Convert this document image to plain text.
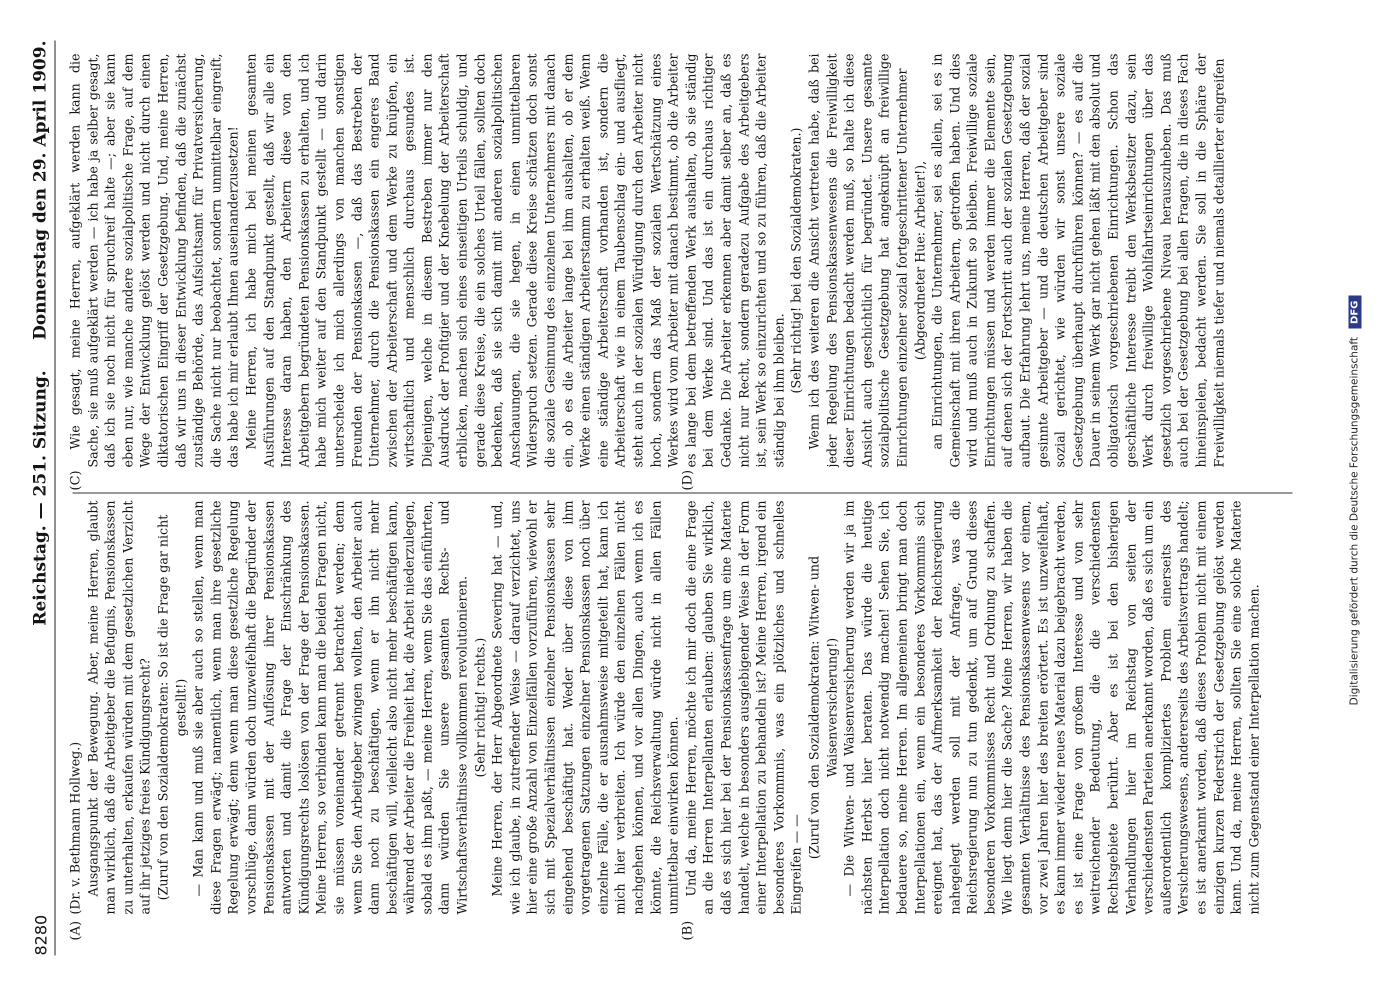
8280
Reichstag. — 251. Sitzung.
Donnerstag den 29. April 1909.
(A)	(B)
(C)	(D)

(Dr. v. Bethmann Hollweg.) Ausgangspunkt der Bewegung. Aber, meine Herren, glaubt man wirklich, daß die Arbeitgeber die Befugnis, Pensionskassen zu unterhalten, erkaufen würden mit dem gesetzlichen Verzicht auf ihr jetziges freies Kündigungsrecht? (Zuruf von den Sozialdemokraten: So ist die Frage gar nicht gestellt!) — Man kann und muß sie aber auch so stellen, wenn man diese Fragen erwägt; namentlich, wenn man ihre gesetzliche Regelung erwägt; denn wenn man diese gesetzliche Regelung vorschlüge, dann würden doch unzweifelhaft die Begründer der Pensionskassen mit der Auflösung ihrer Pensionskassen antworten und damit die Frage der Einschränkung des Kündigungsrechts loslösen von der Frage der Pensionskassen. Meine Herren, so verbinden kann man die beiden Fragen nicht, sie müssen voneinander getrennt betrachtet werden; denn wenn Sie den Arbeitgeber zwingen wollten, den Arbeiter auch dann noch zu beschäftigen, wenn er ihn nicht mehr beschäftigen will, vielleicht also nicht mehr beschäftigen kann, während der Arbeiter die Freiheit hat, die Arbeit niederzulegen, sobald es ihm paßt, — meine Herren, wenn Sie das einführten, dann würden Sie unsere gesamten Rechts- und Wirtschaftsverhältnisse vollkommen revolutionieren. (Sehr richtig! rechts.) Meine Herren, der Herr Abgeordnete Severing hat — und, wie ich glaube, in zutreffender Weise — darauf verzichtet, uns hier eine große Anzahl von Einzelfällen vorzuführen, wiewohl er sich mit Spezialverhältnissen einzelner Pensionskassen sehr eingehend beschäftigt hat. Weder über diese von ihm vorgetragenen Satzungen einzelner Pensionskassen noch über einzelne Fälle, die er ausnahmsweise mitgeteilt hat, kann ich mich hier verbreiten. Ich würde den einzelnen Fällen nicht nachgehen können, und vor allen Dingen, auch wenn ich es könnte, die Reichsverwaltung würde nicht in allen Fällen unmittelbar einwirken können. Und da, meine Herren, möchte ich mir doch die eine Frage an die Herren Interpellanten erlauben: glauben Sie wirklich, daß es sich hier bei der Pensionskassenfrage um eine Materie handelt, welche in besonders ausgiebigender Weise in der Form einer Interpellation zu behandeln ist? Meine Herren, irgend ein besonderes Vorkommnis, was ein plötzliches und schnelles Eingreifen — —

(Zuruf von den Sozialdemokraten: Witwen- und Waisenversicherung!) — Die Witwen- und Waisenversicherung werden wir ja im nächsten Herbst hier beraten. Das würde die heutige Interpellation doch nicht notwendig machen! Sehen Sie, ich bedauere so, meine Herren. Im allgemeinen bringt man doch Interpellationen ein, wenn ein besonderes Vorkommnis sich ereignet hat, das der Aufmerksamkeit der Reichsregierung nahegelegt werden soll mit der Anfrage, was die Reichsregierung nun zu tun gedenkt, um auf Grund dieses besonderen Vorkommnisses Recht und Ordnung zu schaffen. Wie liegt denn hier die Sache? Meine Herren, wir haben die gesamten Verhältnisse des Pensionskassenwesens vor einem, vor zwei Jahren hier des breiten erörtert. Es ist unzweifelhaft, es kann immer wieder neues Material dazu beigebracht werden, es ist eine Frage von großem Interesse und von sehr weitreichender Bedeutung, die die verschiedensten Rechtsgebiete berührt. Aber es ist bei den bisherigen Verhandlungen hier im Reichstag von seiten der verschiedensten Parteien anerkannt worden, daß es sich um ein außerordentlich kompliziertes Problem einerseits des Versicherungswesens, andererseits des Arbeitsvertrags handelt; es ist anerkannt worden, daß dieses Problem nicht mit einem einzigen kurzen Federstrich der Gesetzgebung gelöst werden kann. Und da, meine Herren, sollten Sie eine solche Materie nicht zum Gegenstand einer Interpellation machen.

Wie gesagt, meine Herren, aufgeklärt werden kann die Sache, sie muß aufgeklärt werden — ich habe ja selber gesagt, daß ich sie noch nicht für spruchreif halte —; aber sie kann eben nur, wie manche andere sozialpolitische Frage, auf dem Wege der Entwicklung gelöst werden und nicht durch einen diktatorischen Eingriff der Gesetzgebung. Und, meine Herren, daß wir uns in dieser Entwicklung befinden, daß die zunächst zuständige Behörde, das Aufsichtsamt für Privatversicherung, die Sache nicht nur beobachtet, sondern unmittelbar eingreift, das habe ich mir erlaubt Ihnen auseinanderzusetzen! Meine Herren, ich habe mich bei meinen gesamten Ausführungen auf den Standpunkt gestellt, daß wir alle ein Interesse daran haben, den Arbeitern diese von den Arbeitgebern begründeten Pensionskassen zu erhalten, und ich habe mich weiter auf den Standpunkt gestellt — und darin unterscheide ich mich allerdings von manchen sonstigen Freunden der Pensionskassen —, daß das Bestreben der Unternehmer, durch die Pensionskassen ein engeres Band zwischen der Arbeiterschaft und dem Werke zu knüpfen, ein wirtschaftlich und menschlich durchaus gesundes ist. Diejenigen, welche in diesem Bestreben immer nur den Ausdruck der Profitgier und der Knebelung der Arbeiterschaft erblicken, machen sich eines einseitigen Urteils schuldig, und gerade diese Kreise, die ein solches Urteil fällen, sollten doch bedenken, daß sie sich damit mit anderen sozialpolitischen Anschauungen, die sie hegen, in einen unmittelbaren Widerspruch setzen. Gerade diese Kreise schätzen doch sonst die soziale Gesinnung des einzelnen Unternehmers mit danach ein, ob es die Arbeiter lange bei ihm aushalten, ob er dem Werke einen ständigen Arbeiterstamm zu erhalten weiß. Wenn eine ständige Arbeiterschaft vorhanden ist, sondern die Arbeiterschaft wie in einem Taubenschlag ein- und ausfliegt, steht auch in der sozialen Würdigung durch den Arbeiter nicht hoch, sondern das Maß der sozialen Wertschätzung eines Werkes wird vom Arbeiter mit danach bestimmt, ob die Arbeiter es lange bei dem betreffenden Werk aushalten, ob sie ständig bei dem Werke sind. Und das ist ein durchaus richtiger Gedanke. Die Arbeiter erkennen aber damit selber an, daß es nicht nur Recht, sondern geradezu Aufgabe des Arbeitgebers ist, sein Werk so einzurichten und so zu führen, daß die Arbeiter ständig bei ihm bleiben. (Sehr richtig! bei den Sozialdemokraten.) Wenn ich des weiteren die Ansicht vertreten habe, daß bei jeder Regelung des Pensionskassenwesens die Freiwilligkeit dieser Einrichtungen bedacht werden muß, so halte ich diese Ansicht auch geschichtlich für begründet. Unsere gesamte sozialpolitische Gesetzgebung hat angeknüpft an freiwillige Einrichtungen einzelner sozial fortgeschrittener Unternehmer (Abgeordneter Hue: Arbeiter!), an Einrichtungen, die Unternehmer, sei es allein, sei es in Gemeinschaft mit ihren Arbeitern, getroffen haben. Und dies wird und muß auch in Zukunft so bleiben. Freiwillige soziale Einrichtungen müssen und werden immer die Elemente sein, auf denen sich der Fortschritt auch der sozialen Gesetzgebung aufbaut. Die Erfahrung lehrt uns, meine Herren, daß der sozial gesinnte Arbeitgeber — und die deutschen Arbeitgeber sind sozial gerichtet, wie würden wir sonst unsere soziale Gesetzgebung überhaupt durchführen können? — es auf die Dauer in seinem Werk gar nicht gehen läßt mit den absolut und obligatorisch vorgeschriebenen Einrichtungen. Schon das geschäftliche Interesse treibt den Werksbesitzer dazu, sein Werk durch freiwillige Wohlfahrtseinrichtungen über das gesetzlich vorgeschriebene Niveau herauszuheben. Das muß auch bei der Gesetzgebung bei allen Fragen, die in dieses Fach hineinspielen, bedacht werden. Sie soll in die Sphäre der Freiwilligkeit niemals tiefer und niemals detaillierter eingreifen

Digitalisierung gefördert durch die Deutsche ForschungsgemeinschaftDFG
